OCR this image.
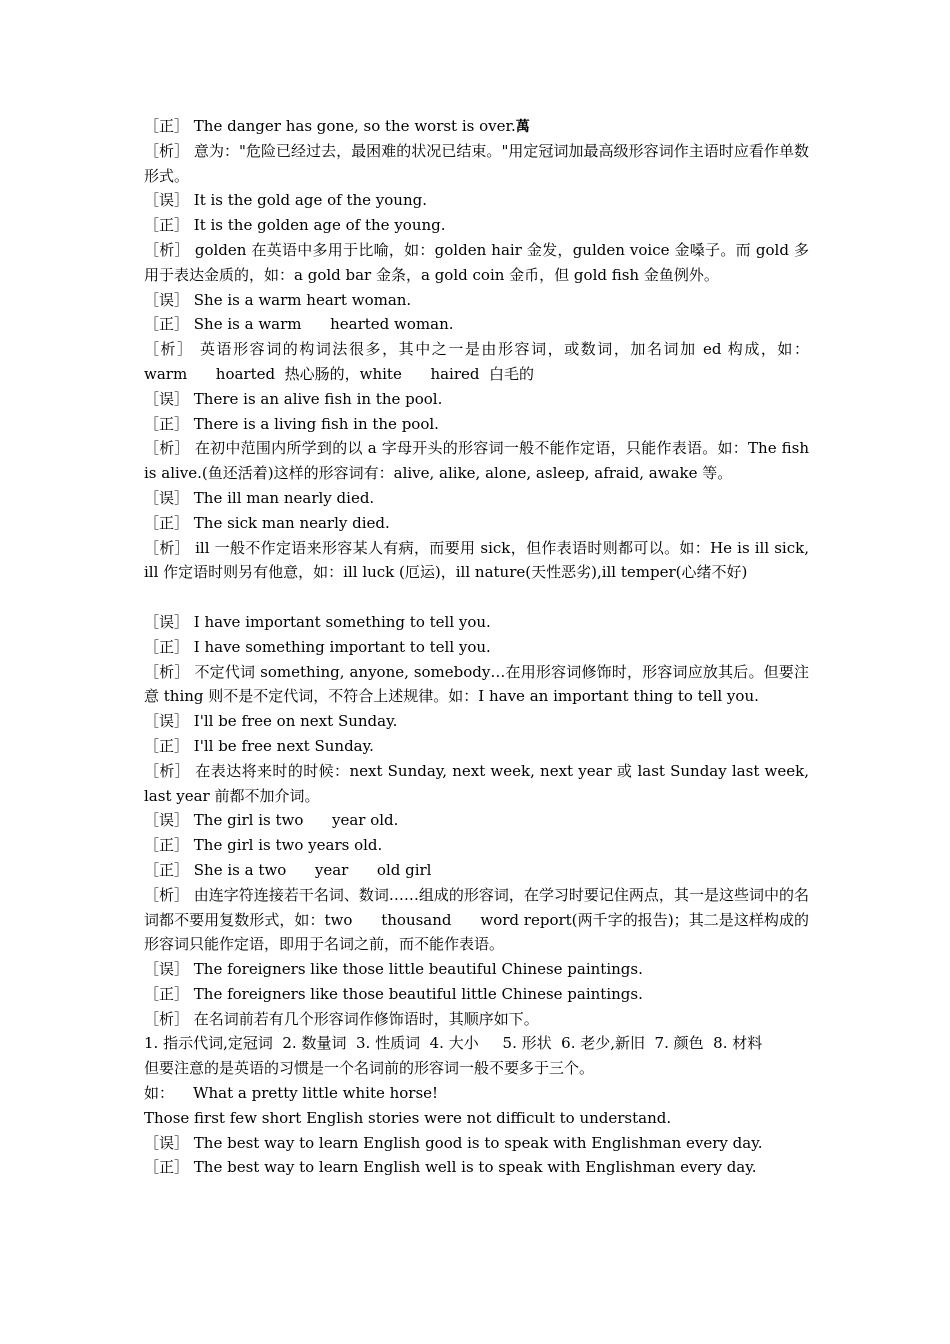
［正］ The danger has gone, so the worst is over.萬
［析］ 意为："危险已经过去，最困难的状况已结束。"用定冠词加最高级形容词作主语时应看作单数形式。
［误］ It is the gold age of the young.
［正］ It is the golden age of the young.
［析］ golden 在英语中多用于比喻，如：golden hair 金发，gulden voice 金嗓子。而 gold 多用于表达金质的，如：a gold bar 金条，a gold coin 金币，但 gold fish 金鱼例外。
［误］ She is a warm heart woman.
［正］ She is a warm      hearted woman.
［析］ 英语形容词的构词法很多，其中之一是由形容词，或数词，加名词加 ed 构成，如：    warm      hoarted  热心肠的，white      haired  白毛的
［误］ There is an alive fish in the pool.
［正］ There is a living fish in the pool.
［析］ 在初中范围内所学到的以 a 字母开头的形容词一般不能作定语，只能作表语。如：The fish is alive.(鱼还活着)这样的形容词有：alive, alike, alone, asleep, afraid, awake 等。
［误］ The ill man nearly died.
［正］ The sick man nearly died.
［析］ ill 一般不作定语来形容某人有病，而要用 sick，但作表语时则都可以。如：He is ill sick, ill 作定语时则另有他意，如：ill luck (厄运)，ill nature(天性恶劣),ill temper(心绪不好)
［误］ I have important something to tell you.
［正］ I have something important to tell you.
［析］ 不定代词 something, anyone, somebody…在用形容词修饰时，形容词应放其后。但要注意 thing 则不是不定代词，不符合上述规律。如：I have an important thing to tell you.
［误］ I'll be free on next Sunday.
［正］ I'll be free next Sunday.
［析］ 在表达将来时的时候：next Sunday, next week, next year 或 last Sunday last week, last year 前都不加介词。
［误］ The girl is two      year old.
［正］ The girl is two years old.
［正］ She is a two      year      old girl
［析］ 由连字符连接若干名词、数词……组成的形容词，在学习时要记住两点，其一是这些词中的名词都不要用复数形式，如：two      thousand      word report(两千字的报告)；其二是这样构成的形容词只能作定语，即用于名词之前，而不能作表语。
［误］ The foreigners like those little beautiful Chinese paintings.
［正］ The foreigners like those beautiful little Chinese paintings.
［析］ 在名词前若有几个形容词作修饰语时，其顺序如下。
1. 指示代词,定冠词  2. 数量词  3. 性质词  4. 大小     5. 形状  6. 老少,新旧  7. 颜色  8. 材料
但要注意的是英语的习惯是一个名词前的形容词一般不要多于三个。
如：    What a pretty little white horse!
Those first few short English stories were not difficult to understand.
［误］ The best way to learn English good is to speak with Englishman every day.
［正］ The best way to learn English well is to speak with Englishman every day.
